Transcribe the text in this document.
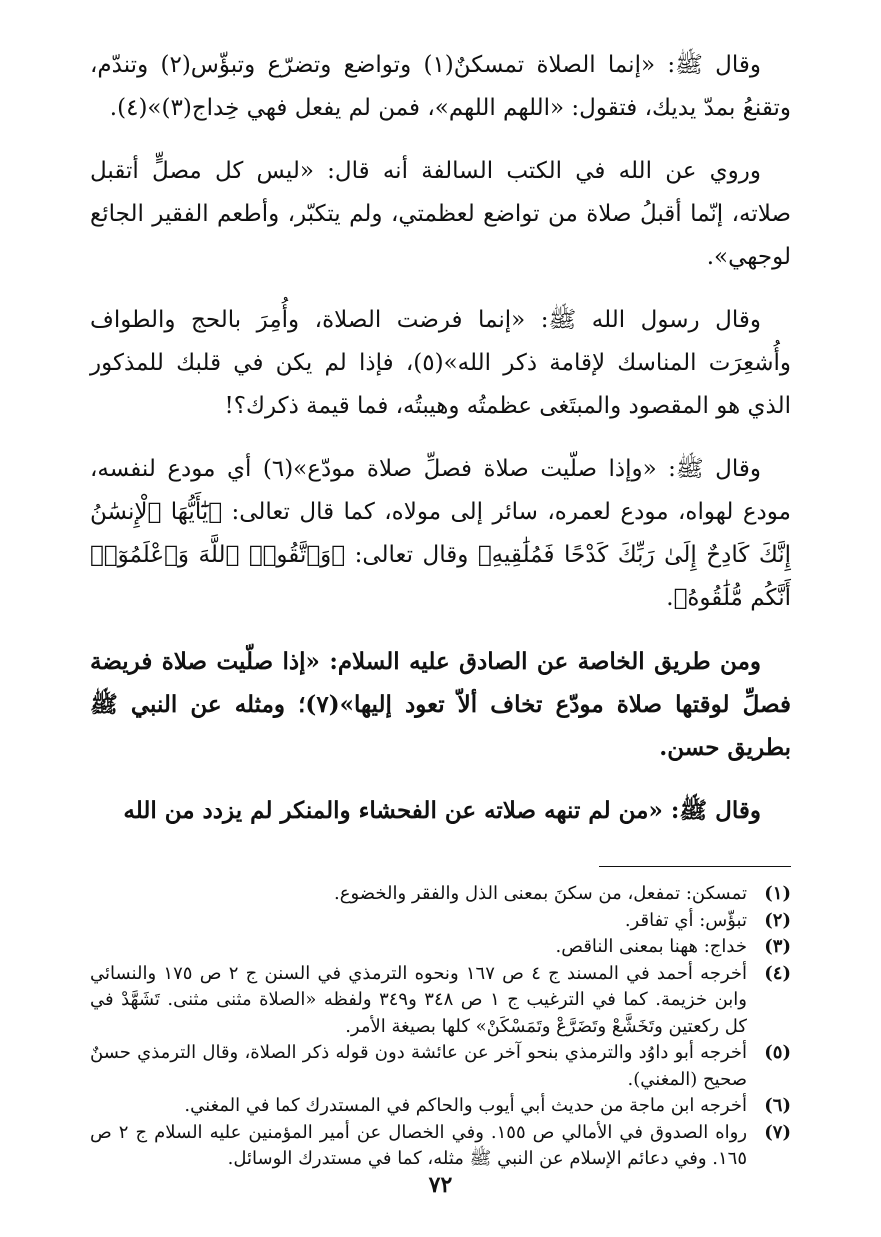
وقال ﷺ: «إنما الصلاة تمسكنٌ(١) وتواضع وتضرّع وتبؤّس(٢) وتندّم، وتقنعُ بمدّ يديك، فتقول: «اللهم اللهم»، فمن لم يفعل فهي خِداج(٣)»(٤).

وروي عن الله في الكتب السالفة أنه قال: «ليس كل مصلٍّ أتقبل صلاته، إنّما أقبلُ صلاة من تواضع لعظمتي، ولم يتكبّر، وأطعم الفقير الجائع لوجهي».

وقال رسول الله ﷺ: «إنما فرضت الصلاة، وأُمِرَ بالحج والطواف وأُشعِرَت المناسك لإقامة ذكر الله»(٥)، فإذا لم يكن في قلبك للمذكور الذي هو المقصود والمبتَغى عظمتُه وهيبتُه، فما قيمة ذكرك؟!

وقال ﷺ: «وإذا صلّيت صلاة فصلِّ صلاة مودّع»(٦) أي مودع لنفسه، مودع لهواه، مودع لعمره، سائر إلى مولاه، كما قال تعالى: ﴿يَٰٓأَيُّهَا ٱلْإِنسَٰنُ إِنَّكَ كَادِحٌ إِلَىٰ رَبِّكَ كَدْحًا فَمُلَٰقِيهِ﴾ وقال تعالى: ﴿وَٱتَّقُوا۟ ٱللَّهَ وَٱعْلَمُوٓا۟ أَنَّكُم مُّلَٰقُوهُ﴾.

ومن طريق الخاصة عن الصادق عليه السلام: «إذا صلّيت صلاة فريضة فصلِّ لوقتها صلاة مودّع تخاف ألاّ تعود إليها»(٧)؛ ومثله عن النبي ﷺ بطريق حسن.

وقال ﷺ: «من لم تنهه صلاته عن الفحشاء والمنكر لم يزدد من الله

(١)
تمسكن: تمفعل، من سكنَ بمعنى الذل والفقر والخضوع.
(٢)
تبؤّس: أي تفاقر.
(٣)
خداج: ههنا بمعنى الناقص.
(٤)
أخرجه أحمد في المسند ج ٤ ص ١٦٧ ونحوه الترمذي في السنن ج ٢ ص ١٧٥ والنسائي وابن خزيمة. كما في الترغيب ج ١ ص ٣٤٨ و٣٤٩ ولفظه «الصلاة مثنى مثنى. تَشَهَّدْ في كل ركعتين وتَخَشَّعْ وتَضَرَّعْ وتَمَسْكَنْ» كلها بصيغة الأمر.
(٥)
أخرجه أبو داوُد والترمذي بنحو آخر عن عائشة دون قوله ذكر الصلاة، وقال الترمذي حسنٌ صحيح (المغني).
(٦)
أخرجه ابن ماجة من حديث أبي أيوب والحاكم في المستدرك كما في المغني.
(٧)
رواه الصدوق في الأمالي ص ١٥٥. وفي الخصال عن أمير المؤمنين عليه السلام ج ٢ ص ١٦٥. وفي دعائم الإسلام عن النبي ﷺ مثله، كما في مستدرك الوسائل.
٧٢
